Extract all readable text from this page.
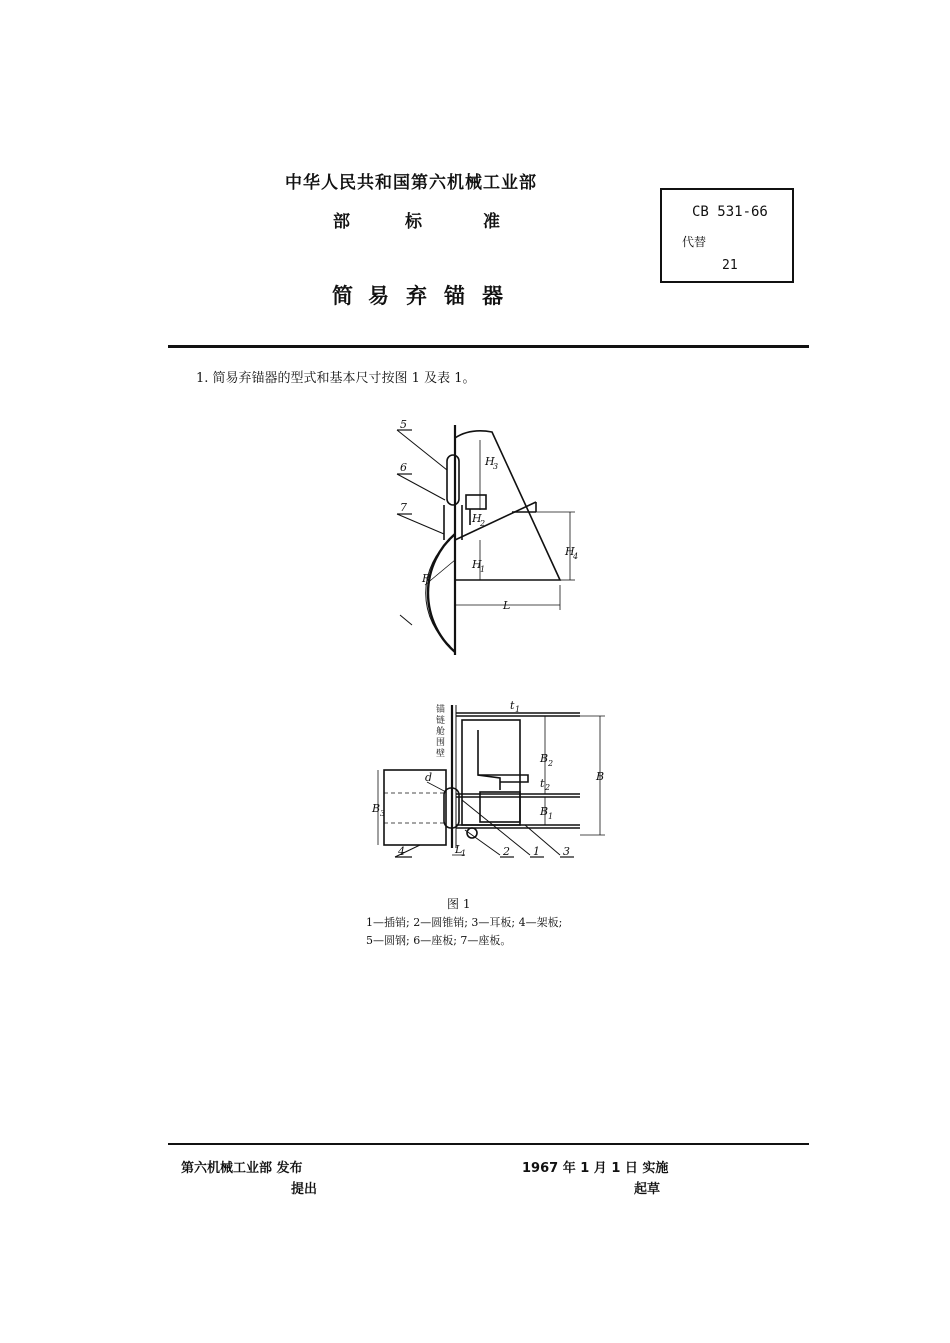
中华人民共和国第六机械工业部
部	标	准
简 易 弃 锚 器
CB 531-66
代替
21
1. 简易弃锚器的型式和基本尺寸按图 1 及表 1。
5
6
7
H
3
H
2
H
1
H
4
L
R
锚
链
舱
围
壁
t 1
B 2
t 2
B 1
B
B 3
d
L
1
4	2 1 3
图 1
1—插销; 2—圆锥销; 3—耳板; 4—架板;
5—圆钢; 6—座板; 7—座板。
第六机械工业部 发布
提出
1967 年 1 月 1 日 实施
起草
